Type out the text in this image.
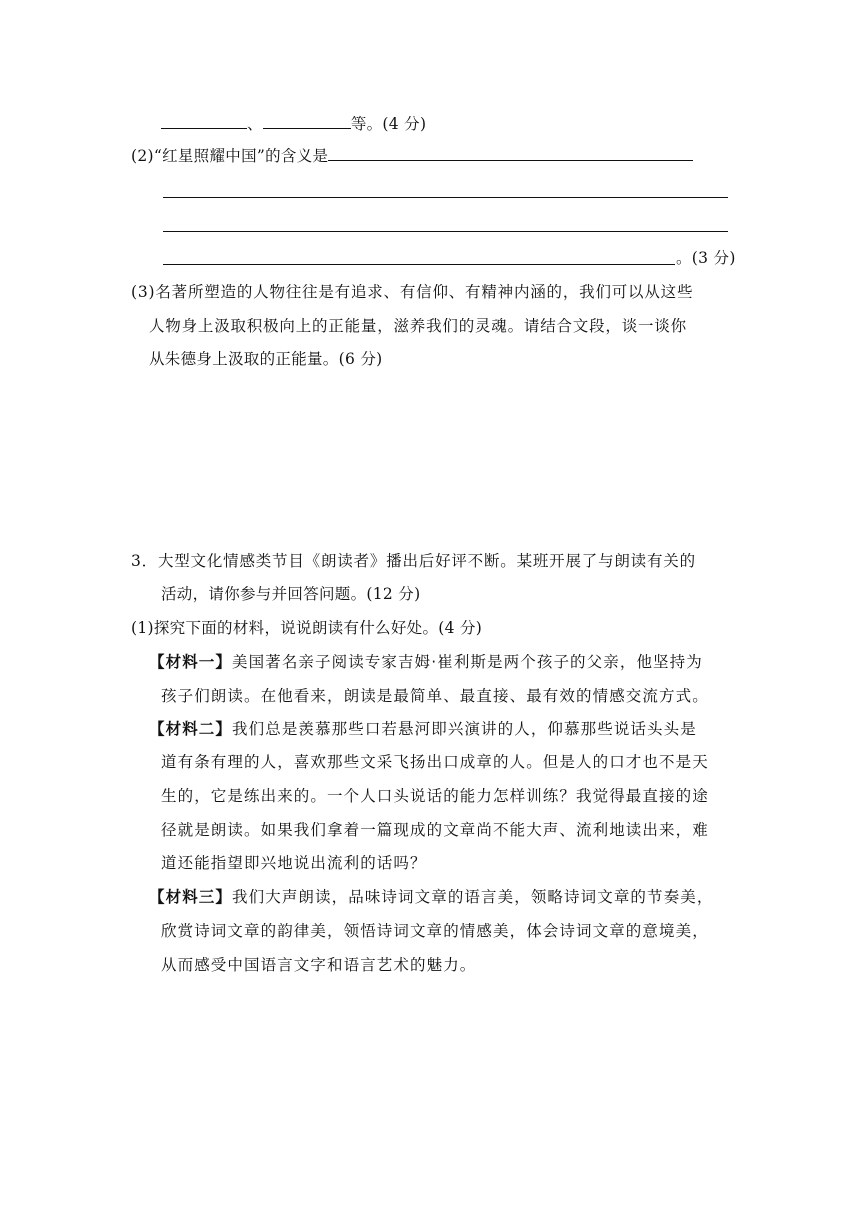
、	等。(4 分)
(2)“红星照耀中国”的含义是
。(3 分)
(3)名著所塑造的人物往往是有追求、有信仰、有精神内涵的，我们可以从这些
人物身上汲取积极向上的正能量，滋养我们的灵魂。请结合文段，谈一谈你
从朱德身上汲取的正能量。(6 分)
3．大型文化情感类节目《朗读者》播出后好评不断。某班开展了与朗读有关的
活动，请你参与并回答问题。(12 分)
(1)探究下面的材料，说说朗读有什么好处。(4 分)
【材料一】美国著名亲子阅读专家吉姆·崔利斯是两个孩子的父亲，他坚持为
孩子们朗读。在他看来，朗读是最简单、最直接、最有效的情感交流方式。
【材料二】我们总是羡慕那些口若悬河即兴演讲的人，仰慕那些说话头头是
道有条有理的人，喜欢那些文采飞扬出口成章的人。但是人的口才也不是天
生的，它是练出来的。一个人口头说话的能力怎样训练？我觉得最直接的途
径就是朗读。如果我们拿着一篇现成的文章尚不能大声、流利地读出来，难
道还能指望即兴地说出流利的话吗？
【材料三】我们大声朗读，品味诗词文章的语言美，领略诗词文章的节奏美，
欣赏诗词文章的韵律美，领悟诗词文章的情感美，体会诗词文章的意境美，
从而感受中国语言文字和语言艺术的魅力。
